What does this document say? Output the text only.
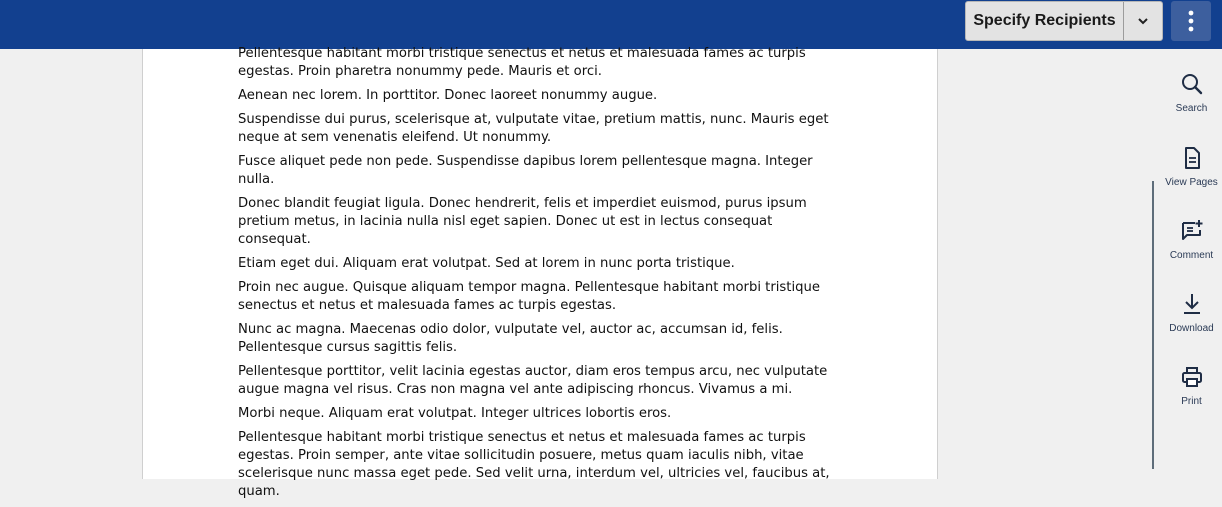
Specify Recipients

Pellentesque habitant morbi tristique senectus et netus et malesuada fames ac turpis egestas. Proin pharetra nonummy pede. Mauris et orci.

Aenean nec lorem. In porttitor. Donec laoreet nonummy augue.

Suspendisse dui purus, scelerisque at, vulputate vitae, pretium mattis, nunc. Mauris eget neque at sem venenatis eleifend. Ut nonummy.

Fusce aliquet pede non pede. Suspendisse dapibus lorem pellentesque magna. Integer nulla.

Donec blandit feugiat ligula. Donec hendrerit, felis et imperdiet euismod, purus ipsum pretium metus, in lacinia nulla nisl eget sapien. Donec ut est in lectus consequat consequat.

Etiam eget dui. Aliquam erat volutpat. Sed at lorem in nunc porta tristique.

Proin nec augue. Quisque aliquam tempor magna. Pellentesque habitant morbi tristique senectus et netus et malesuada fames ac turpis egestas.

Nunc ac magna. Maecenas odio dolor, vulputate vel, auctor ac, accumsan id, felis. Pellentesque cursus sagittis felis.

Pellentesque porttitor, velit lacinia egestas auctor, diam eros tempus arcu, nec vulputate augue magna vel risus. Cras non magna vel ante adipiscing rhoncus. Vivamus a mi.

Morbi neque. Aliquam erat volutpat. Integer ultrices lobortis eros.

Pellentesque habitant morbi tristique senectus et netus et malesuada fames ac turpis egestas. Proin semper, ante vitae sollicitudin posuere, metus quam iaculis nibh, vitae scelerisque nunc massa eget pede. Sed velit urna, interdum vel, ultricies vel, faucibus at, quam.

Search
View Pages
Comment
Download
Print
